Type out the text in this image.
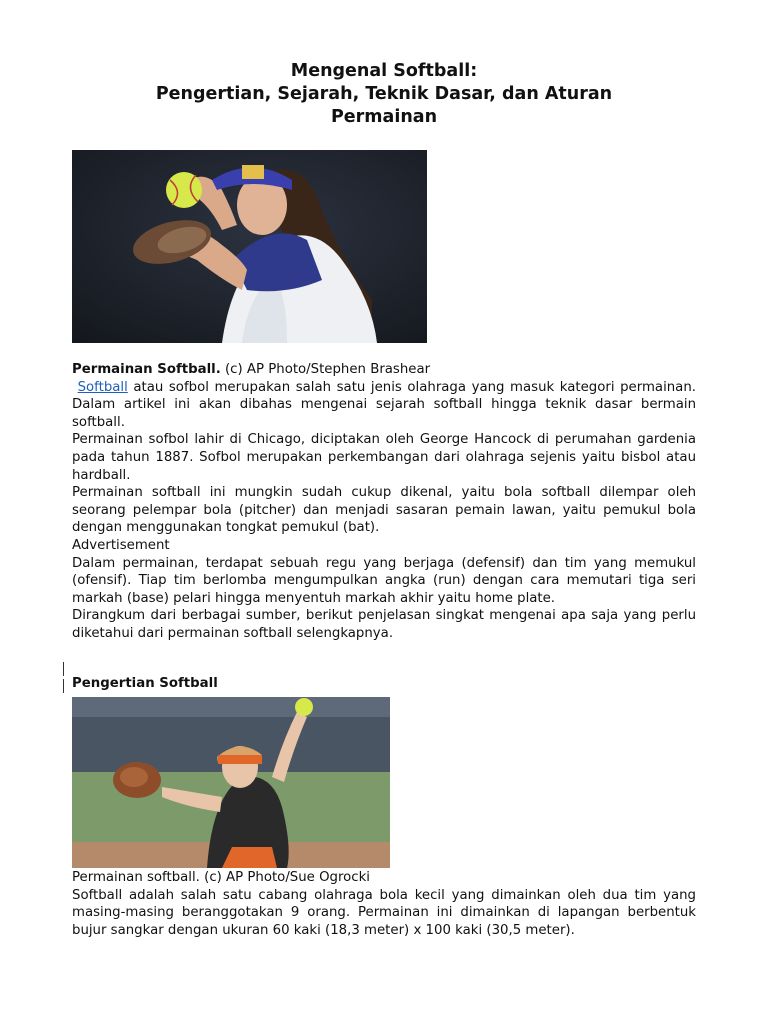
Mengenal Softball:
Pengertian, Sejarah, Teknik Dasar, dan Aturan
Permainan

Permainan Softball. (c) AP Photo/Stephen Brashear

Softball atau sofbol merupakan salah satu jenis olahraga yang masuk kategori permainan. Dalam artikel ini akan dibahas mengenai sejarah softball hingga teknik dasar bermain softball.

Permainan sofbol lahir di Chicago, diciptakan oleh George Hancock di perumahan gardenia pada tahun 1887. Sofbol merupakan perkembangan dari olahraga sejenis yaitu bisbol atau hardball.

Permainan softball ini mungkin sudah cukup dikenal, yaitu bola softball dilempar oleh seorang pelempar bola (pitcher) dan menjadi sasaran pemain lawan, yaitu pemukul bola dengan menggunakan tongkat pemukul (bat).

Advertisement

Dalam permainan, terdapat sebuah regu yang berjaga (defensif) dan tim yang memukul (ofensif). Tiap tim berlomba mengumpulkan angka (run) dengan cara memutari tiga seri markah (base) pelari hingga menyentuh markah akhir yaitu home plate.

Dirangkum dari berbagai sumber, berikut penjelasan singkat mengenai apa saja yang perlu diketahui dari permainan softball selengkapnya.

Pengertian Softball

Permainan softball. (c) AP Photo/Sue Ogrocki

Softball adalah salah satu cabang olahraga bola kecil yang dimainkan oleh dua tim yang masing-masing beranggotakan 9 orang. Permainan ini dimainkan di lapangan berbentuk bujur sangkar dengan ukuran 60 kaki (18,3 meter) x 100 kaki (30,5 meter).
